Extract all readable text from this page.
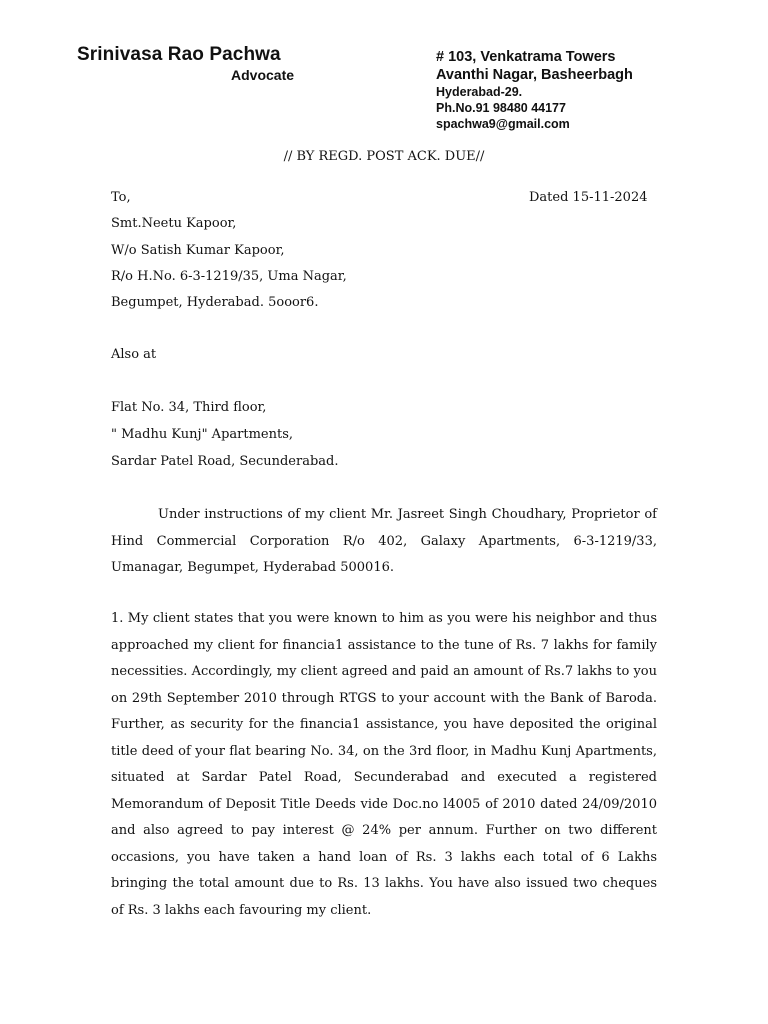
Srinivasa Rao Pachwa
Advocate
# 103, Venkatrama Towers
Avanthi Nagar, Basheerbagh
Hyderabad-29.
Ph.No.91 98480 44177
spachwa9@gmail.com
// BY REGD. POST ACK. DUE//
To,	Dated 15-11-2024
Smt.Neetu Kapoor,
W/o Satish Kumar Kapoor,
R/o H.No. 6-3-1219/35, Uma Nagar,
Begumpet, Hyderabad. 5ooor6.
Also at
Flat No. 34, Third floor,
" Madhu Kunj" Apartments,
Sardar Patel Road, Secunderabad.

Under instructions of my client Mr. Jasreet Singh Choudhary, Proprietor of Hind Commercial Corporation R/o 402, Galaxy Apartments, 6-3-1219/33, Umanagar, Begumpet, Hyderabad 500016.

1. My client states that you were known to him as you were his neighbor and thus approached my client for financia1 assistance to the tune of Rs. 7 lakhs for family necessities. Accordingly, my client agreed and paid an amount of Rs.7 lakhs to you on 29th September 2010 through RTGS to your account with the Bank of Baroda. Further, as security for the financia1 assistance, you have deposited the original title deed of your flat bearing No. 34, on the 3rd floor, in Madhu Kunj Apartments, situated at Sardar Patel Road, Secunderabad and executed a registered Memorandum of Deposit Title Deeds vide Doc.no l4005 of 2010 dated 24/09/2010 and also agreed to pay interest @ 24% per annum. Further on two different occasions, you have taken a hand loan of Rs. 3 lakhs each total of 6 Lakhs bringing the total amount due to Rs. 13 lakhs. You have also issued two cheques of Rs. 3 lakhs each favouring my client.
